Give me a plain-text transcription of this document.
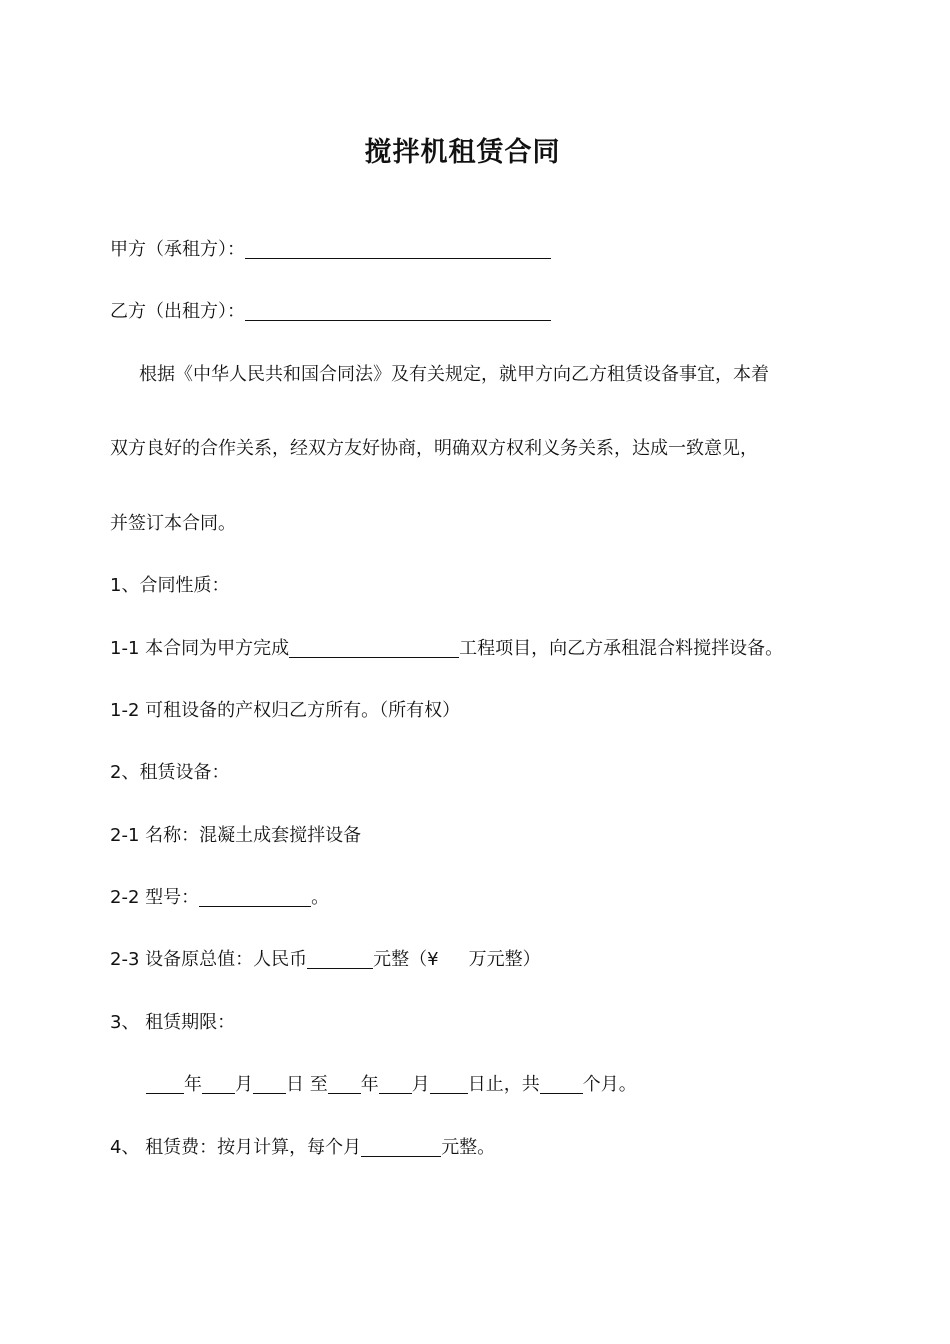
搅拌机租赁合同
甲方（承租方）：
乙方（出租方）：
根据《中华人民共和国合同法》及有关规定，就甲方向乙方租赁设备事宜，本着
双方良好的合作关系，经双方友好协商，明确双方权利义务关系，达成一致意见，
并签订本合同。
1、合同性质：
1-1 本合同为甲方完成	工程项目，向乙方承租混合料搅拌设备。
1-2 可租设备的产权归乙方所有。（所有权）
2、租赁设备：
2-1 名称：混凝土成套搅拌设备
2-2 型号：	。
2-3 设备原总值：人民币	元整（¥ 万元整）
3、 租赁期限：
年 月 日 至 年 月 日止，共 个月。
4、 租赁费：按月计算，每个月	元整。
